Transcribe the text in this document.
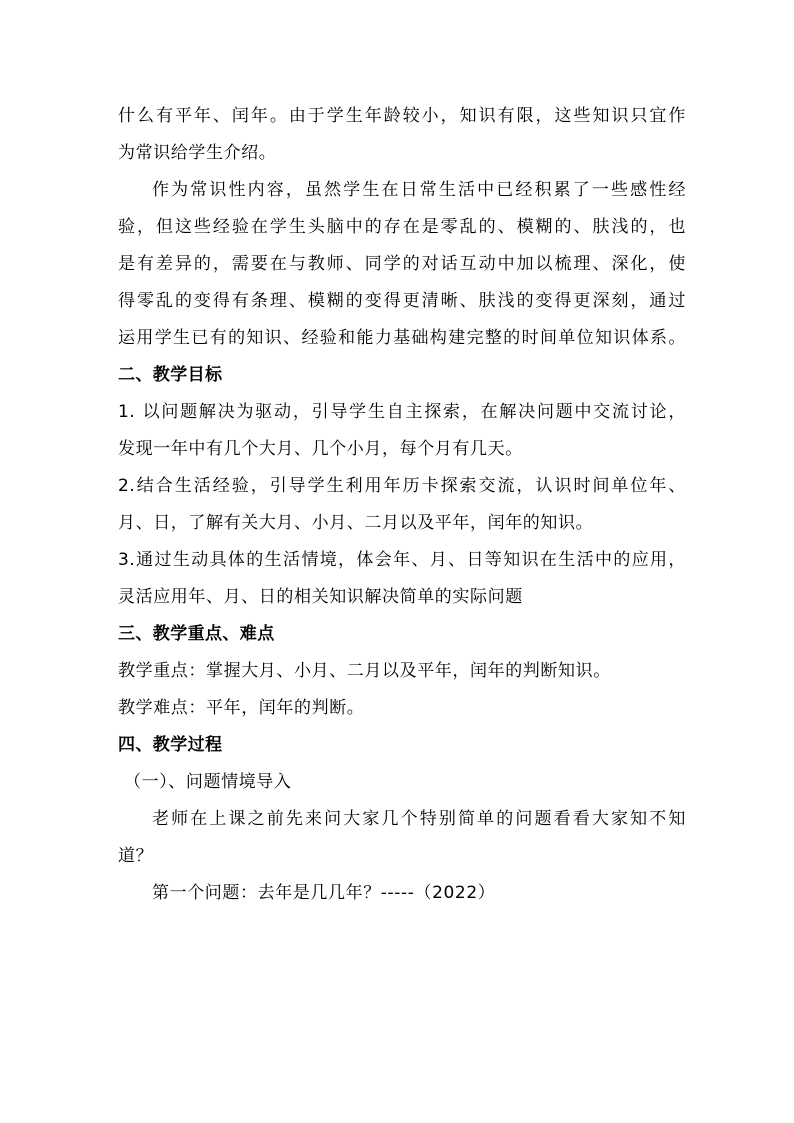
什么有平年、闰年。由于学生年龄较小，知识有限，这些知识只宜作
为常识给学生介绍。
作为常识性内容，虽然学生在日常生活中已经积累了一些感性经
验，但这些经验在学生头脑中的存在是零乱的、模糊的、肤浅的，也
是有差异的，需要在与教师、同学的对话互动中加以梳理、深化，使
得零乱的变得有条理、模糊的变得更清晰、肤浅的变得更深刻，通过
运用学生已有的知识、经验和能力基础构建完整的时间单位知识体系。
二、教学目标
1. 以问题解决为驱动，引导学生自主探索，在解决问题中交流讨论，
发现一年中有几个大月、几个小月，每个月有几天。
2.结合生活经验，引导学生利用年历卡探索交流，认识时间单位年、
月、日，了解有关大月、小月、二月以及平年，闰年的知识。
3.通过生动具体的生活情境，体会年、月、日等知识在生活中的应用，
灵活应用年、月、日的相关知识解决简单的实际问题
三、教学重点、难点
教学重点：掌握大月、小月、二月以及平年，闰年的判断知识。
教学难点：平年，闰年的判断。
四、教学过程
（一）、问题情境导入
老师在上课之前先来问大家几个特别简单的问题看看大家知不知
道？
第一个问题：去年是几几年？-----（2022）
